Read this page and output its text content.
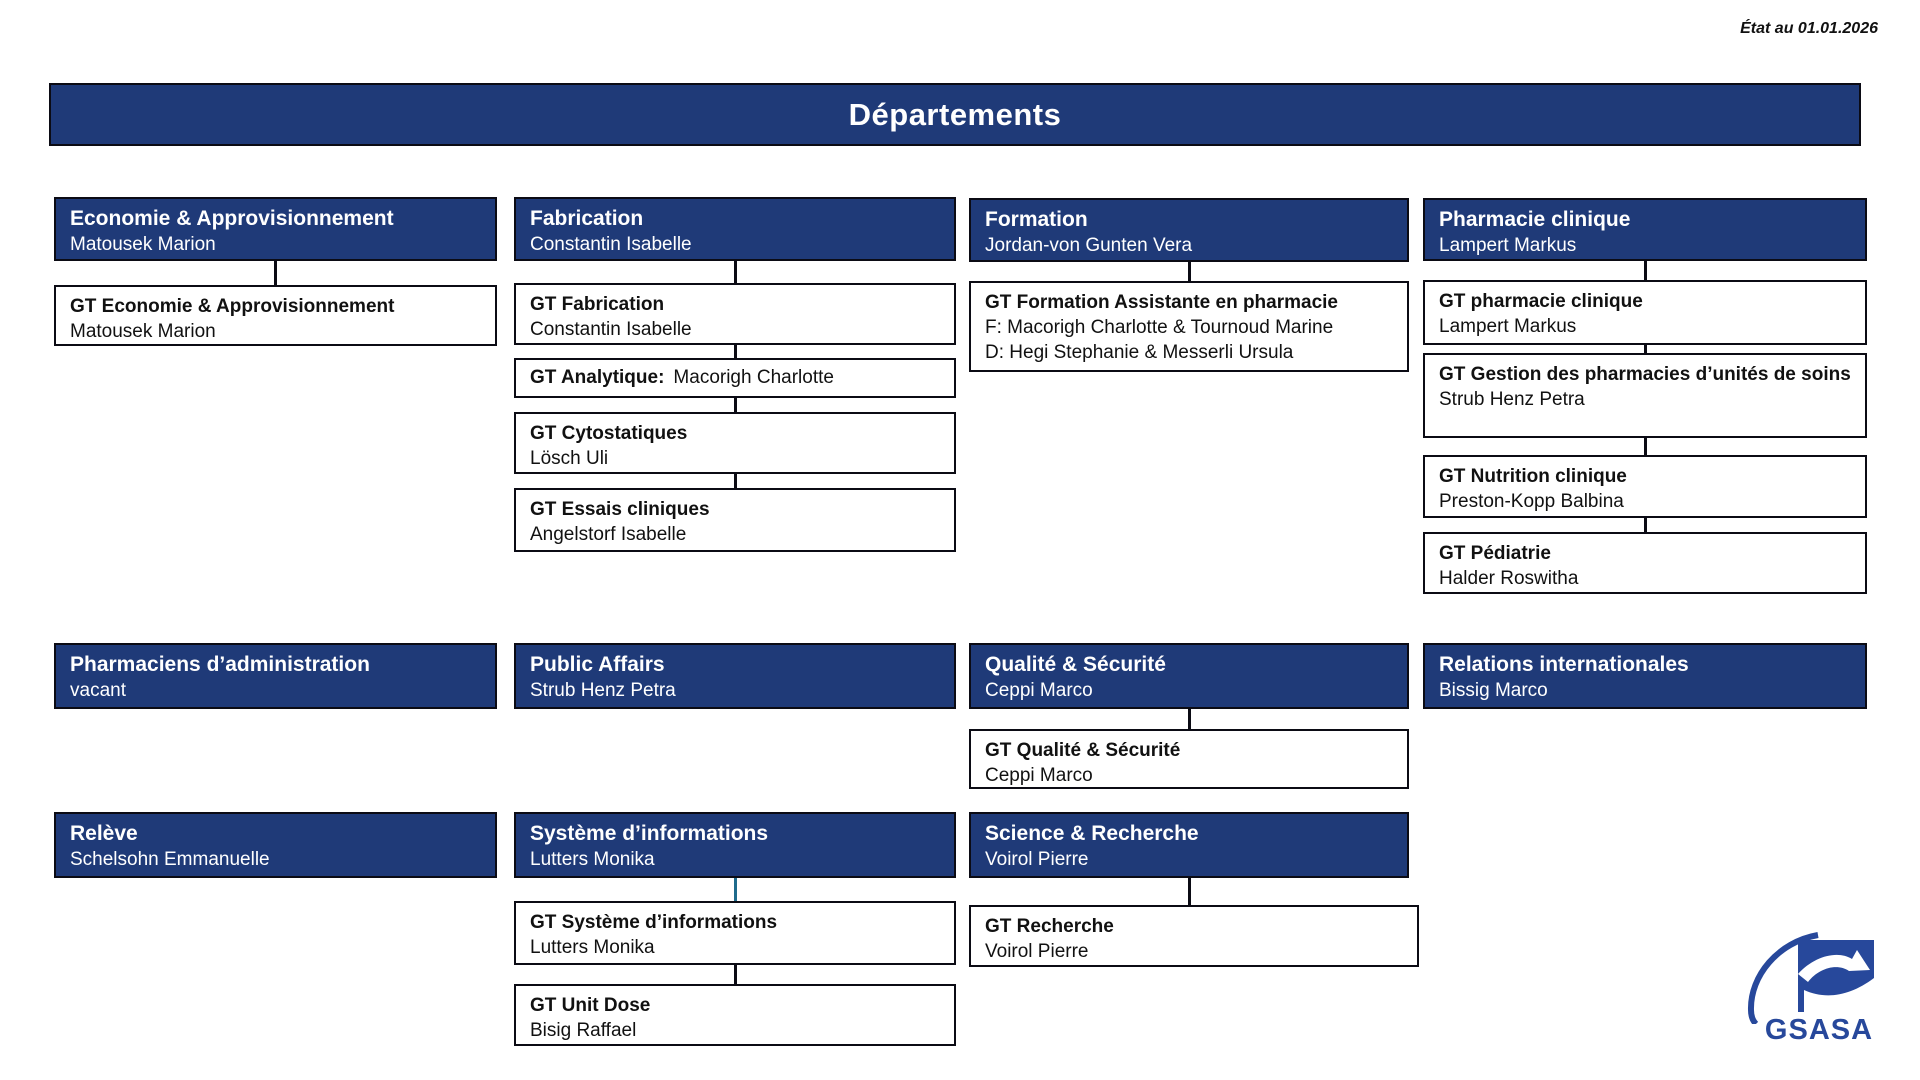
État au 01.01.2026
Départements
Economie & Approvisionnement
Matousek Marion
GT Economie & Approvisionnement
Matousek Marion
Fabrication
Constantin Isabelle
GT Fabrication
Constantin Isabelle
GT Analytique: Macorigh Charlotte
GT Cytostatiques
Lösch Uli
GT Essais cliniques
Angelstorf Isabelle
Formation
Jordan-von Gunten Vera
GT Formation Assistante en pharmacie
F: Macorigh Charlotte & Tournoud Marine
D: Hegi Stephanie & Messerli Ursula
Pharmacie clinique
Lampert Markus
GT pharmacie clinique
Lampert Markus
GT Gestion des pharmacies d’unités de soins
Strub Henz Petra
GT Nutrition clinique
Preston-Kopp Balbina
GT Pédiatrie
Halder Roswitha
Pharmaciens d’administration
vacant
Public Affairs
Strub Henz Petra
Qualité & Sécurité
Ceppi Marco
GT Qualité & Sécurité
Ceppi Marco
Relations internationales
Bissig Marco
Relève
Schelsohn Emmanuelle
Système d’informations
Lutters Monika
GT Système d’informations
Lutters Monika
GT Unit Dose
Bisig Raffael
Science & Recherche
Voirol Pierre
GT Recherche
Voirol Pierre
GSASA
